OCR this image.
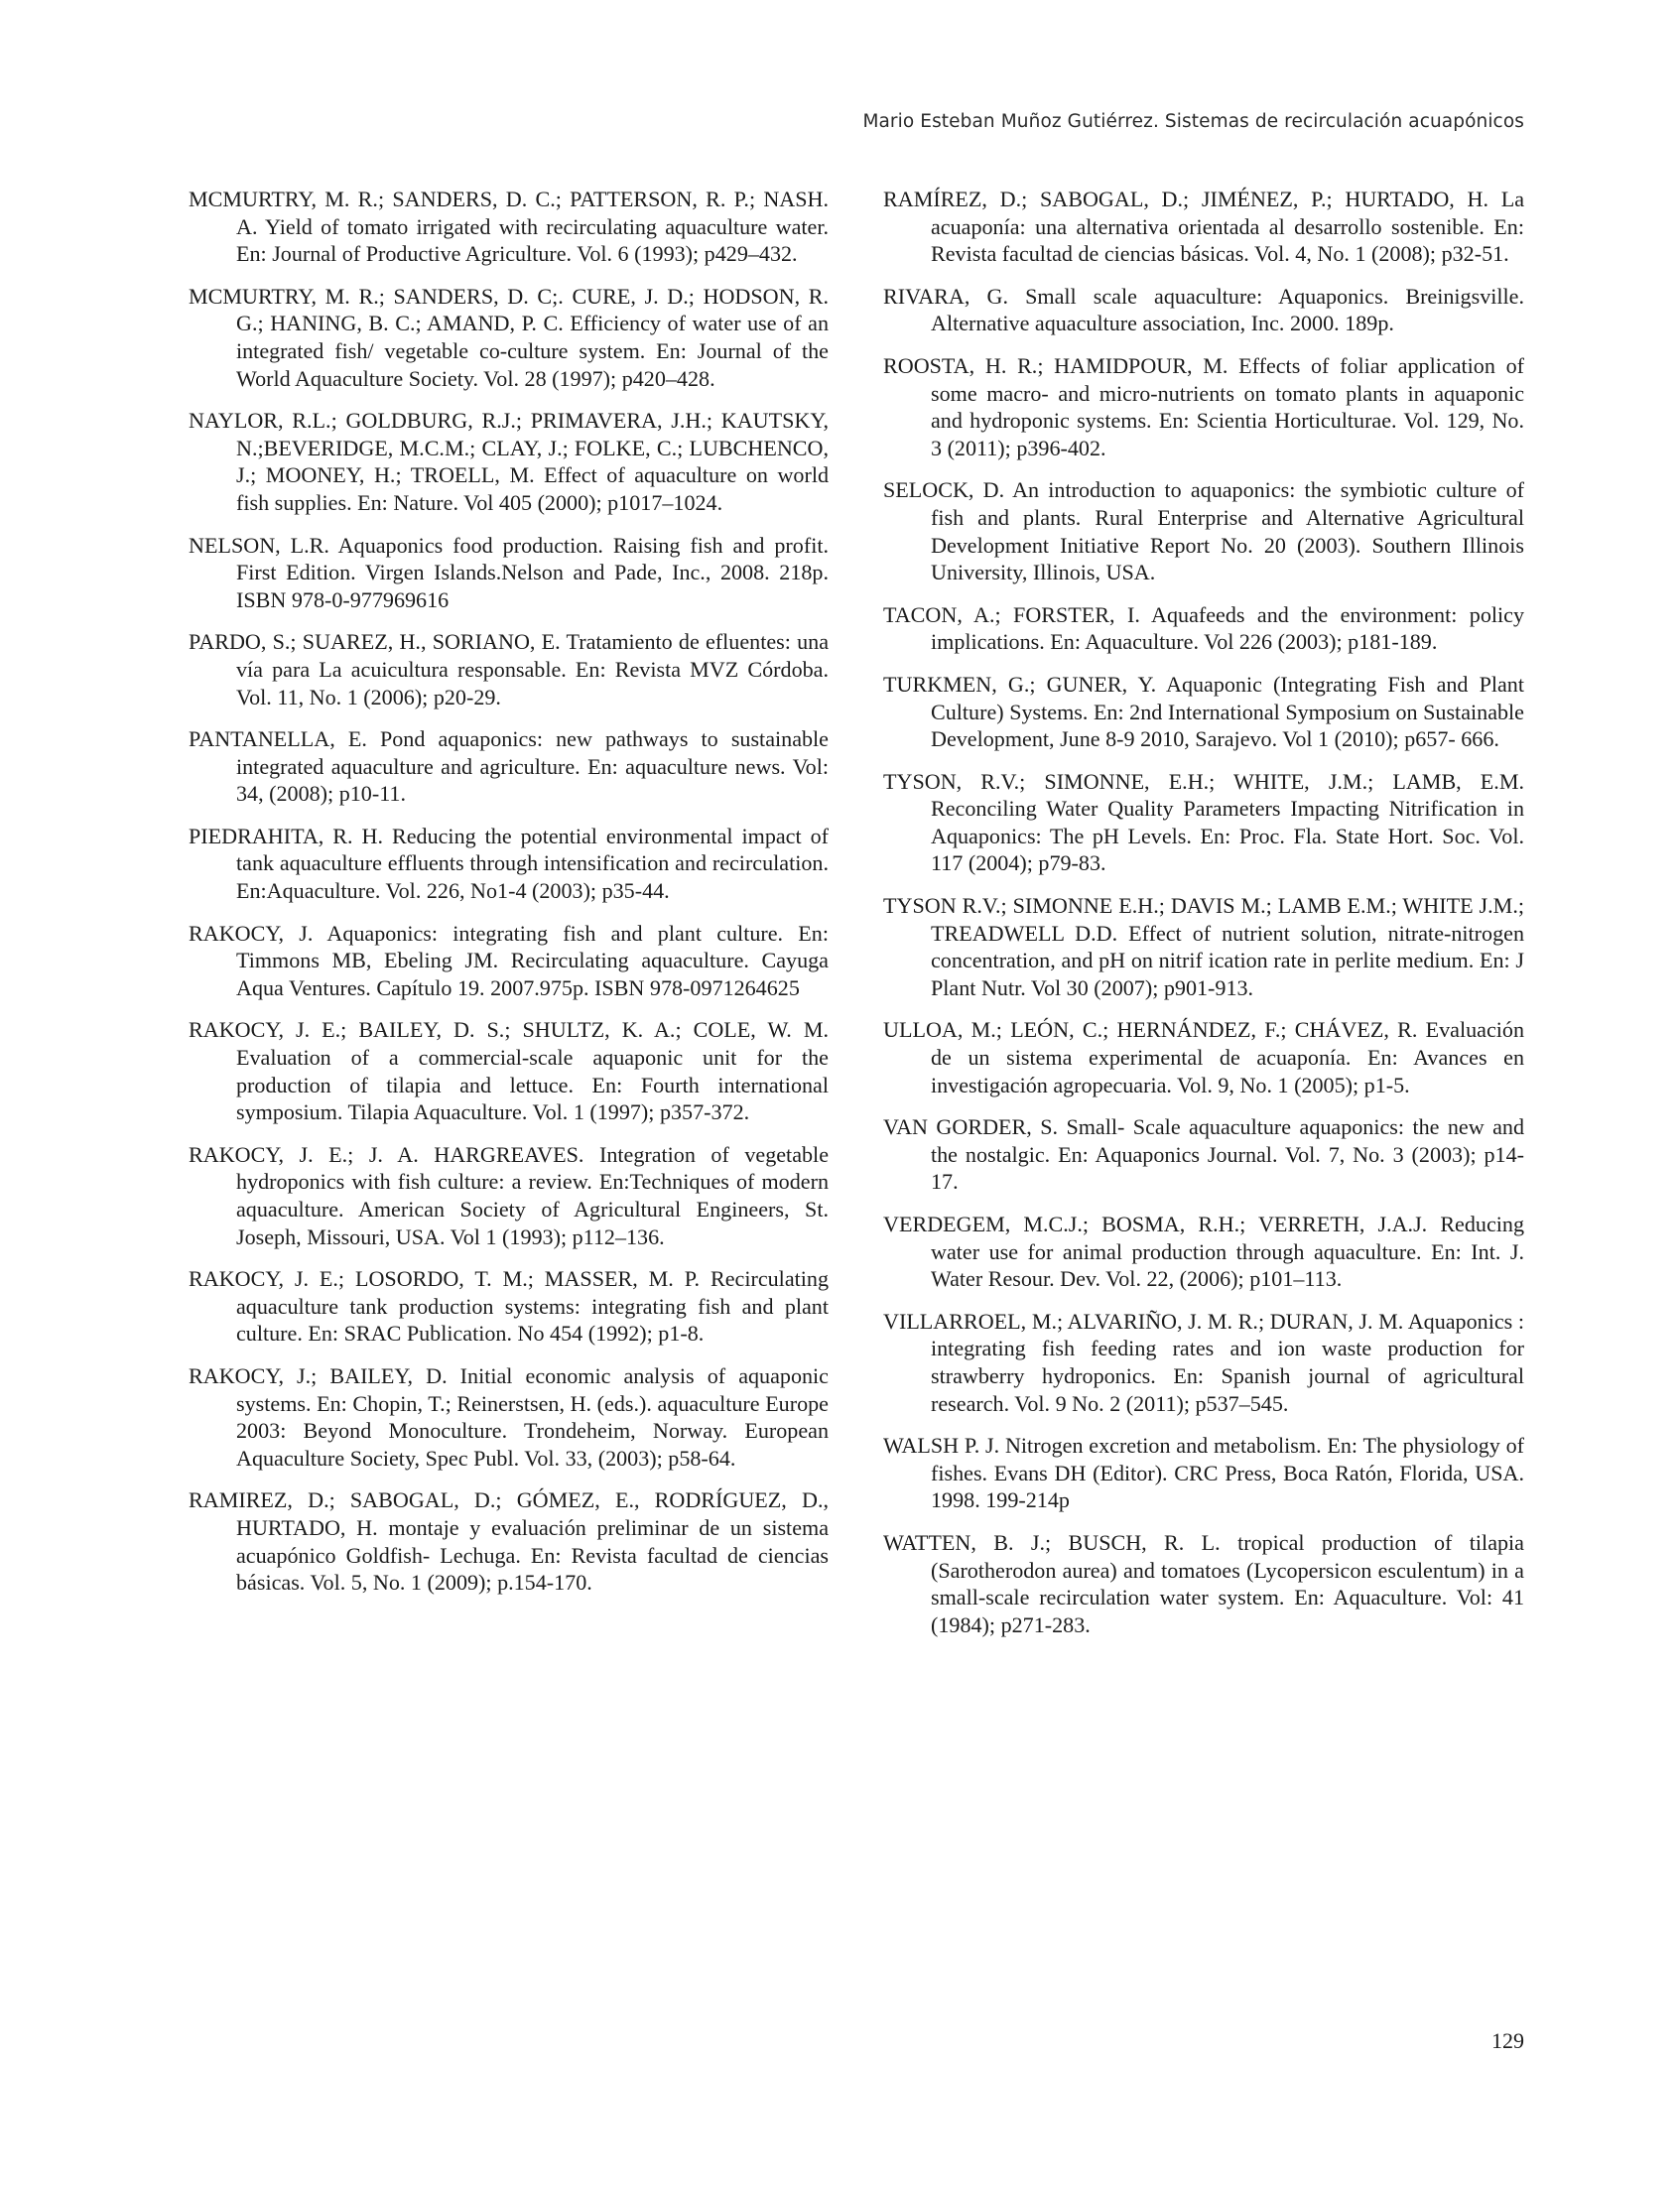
Mario Esteban Muñoz Gutiérrez. Sistemas de recirculación acuapónicos

MCMURTRY, M. R.; SANDERS, D. C.; PATTERSON, R. P.; NASH. A. Yield of tomato irrigated with recirculating aquaculture water. En: Journal of Productive Agriculture. Vol. 6 (1993); p429–432.

MCMURTRY, M. R.; SANDERS, D. C;. CURE, J. D.; HODSON, R. G.; HANING, B. C.; AMAND, P. C. Efficiency of water use of an integrated fish/ vegetable co-culture system. En: Journal of the World Aquaculture Society. Vol. 28 (1997); p420–428.

NAYLOR, R.L.; GOLDBURG, R.J.; PRIMAVERA, J.H.; KAUTSKY, N.;BEVERIDGE, M.C.M.; CLAY, J.; FOLKE, C.; LUBCHENCO, J.; MOONEY, H.; TROELL, M. Effect of aquaculture on world fish supplies. En: Nature. Vol 405 (2000); p1017–1024.

NELSON, L.R. Aquaponics food production. Raising fish and profit. First Edition. Virgen Islands.Nelson and Pade, Inc., 2008. 218p. ISBN 978-0-977969616

PARDO, S.; SUAREZ, H., SORIANO, E. Tratamiento de efluentes: una vía para La acuicultura responsable. En: Revista MVZ Córdoba. Vol. 11, No. 1 (2006); p20-29.

PANTANELLA, E. Pond aquaponics: new pathways to sustainable integrated aquaculture and agriculture. En: aquaculture news. Vol: 34, (2008); p10-11.

PIEDRAHITA, R. H. Reducing the potential environmental impact of tank aquaculture effluents through intensification and recirculation. En:Aquaculture. Vol. 226, No1-4 (2003); p35-44.

RAKOCY, J. Aquaponics: integrating fish and plant culture. En: Timmons MB, Ebeling JM. Recirculating aquaculture. Cayuga Aqua Ventures. Capítulo 19. 2007.975p. ISBN 978-0971264625

RAKOCY, J. E.; BAILEY, D. S.; SHULTZ, K. A.; COLE, W. M. Evaluation of a commercial-scale aquaponic unit for the production of tilapia and lettuce. En: Fourth international symposium. Tilapia Aquaculture. Vol. 1 (1997); p357-372.

RAKOCY, J. E.; J. A. HARGREAVES. Integration of vegetable hydroponics with fish culture: a review. En:Techniques of modern aquaculture. American Society of Agricultural Engineers, St. Joseph, Missouri, USA. Vol 1 (1993); p112–136.

RAKOCY, J. E.; LOSORDO, T. M.; MASSER, M. P. Recirculating aquaculture tank production systems: integrating fish and plant culture. En: SRAC Publication. No 454 (1992); p1-8.

RAKOCY, J.; BAILEY, D. Initial economic analysis of aquaponic systems. En: Chopin, T.; Reinerstsen, H. (eds.). aquaculture Europe 2003: Beyond Monoculture. Trondeheim, Norway. European Aquaculture Society, Spec Publ. Vol. 33, (2003); p58-64.

RAMIREZ, D.; SABOGAL, D.; GÓMEZ, E., RODRÍGUEZ, D., HURTADO, H. montaje y evaluación preliminar de un sistema acuapónico Goldfish- Lechuga. En: Revista facultad de ciencias básicas. Vol. 5, No. 1 (2009); p.154-170.

RAMÍREZ, D.; SABOGAL, D.; JIMÉNEZ, P.; HURTADO, H. La acuaponía: una alternativa orientada al desarrollo sostenible. En: Revista facultad de ciencias básicas. Vol. 4, No. 1 (2008); p32-51.

RIVARA, G. Small scale aquaculture: Aquaponics. Breinigsville. Alternative aquaculture association, Inc. 2000. 189p.

ROOSTA, H. R.; HAMIDPOUR, M. Effects of foliar application of some macro- and micro-nutrients on tomato plants in aquaponic and hydroponic systems. En: Scientia Horticulturae. Vol. 129, No. 3 (2011); p396-402.

SELOCK, D. An introduction to aquaponics: the symbiotic culture of fish and plants. Rural Enterprise and Alternative Agricultural Development Initiative Report No. 20 (2003). Southern Illinois University, Illinois, USA.

TACON, A.; FORSTER, I. Aquafeeds and the environment: policy implications. En: Aquaculture. Vol 226 (2003); p181-189.

TURKMEN, G.; GUNER, Y. Aquaponic (Integrating Fish and Plant Culture) Systems. En: 2nd International Symposium on Sustainable Development, June 8-9 2010, Sarajevo. Vol 1 (2010); p657- 666.

TYSON, R.V.; SIMONNE, E.H.; WHITE, J.M.; LAMB, E.M. Reconciling Water Quality Parameters Impacting Nitrification in Aquaponics: The pH Levels. En: Proc. Fla. State Hort. Soc. Vol. 117 (2004); p79-83.

TYSON R.V.; SIMONNE E.H.; DAVIS M.; LAMB E.M.; WHITE J.M.; TREADWELL D.D. Effect of nutrient solution, nitrate-nitrogen concentration, and pH on nitrif ication rate in perlite medium. En: J Plant Nutr. Vol 30 (2007); p901-913.

ULLOA, M.; LEÓN, C.; HERNÁNDEZ, F.; CHÁVEZ, R. Evaluación de un sistema experimental de acuaponía. En: Avances en investigación agropecuaria. Vol. 9, No. 1 (2005); p1-5.

VAN GORDER, S. Small- Scale aquaculture aquaponics: the new and the nostalgic. En: Aquaponics Journal. Vol. 7, No. 3 (2003); p14-17.

VERDEGEM, M.C.J.; BOSMA, R.H.; VERRETH, J.A.J. Reducing water use for animal production through aquaculture. En: Int. J. Water Resour. Dev. Vol. 22, (2006); p101–113.

VILLARROEL, M.; ALVARIÑO, J. M. R.; DURAN, J. M. Aquaponics : integrating fish feeding rates and ion waste production for strawberry hydroponics. En: Spanish journal of agricultural research. Vol. 9 No. 2 (2011); p537–545.

WALSH P. J. Nitrogen excretion and metabolism. En: The physiology of fishes. Evans DH (Editor). CRC Press, Boca Ratón, Florida, USA. 1998. 199-214p

WATTEN, B. J.; BUSCH, R. L. tropical production of tilapia (Sarotherodon aurea) and tomatoes (Lycopersicon esculentum) in a small-scale recirculation water system. En: Aquaculture. Vol: 41 (1984); p271-283.

129
